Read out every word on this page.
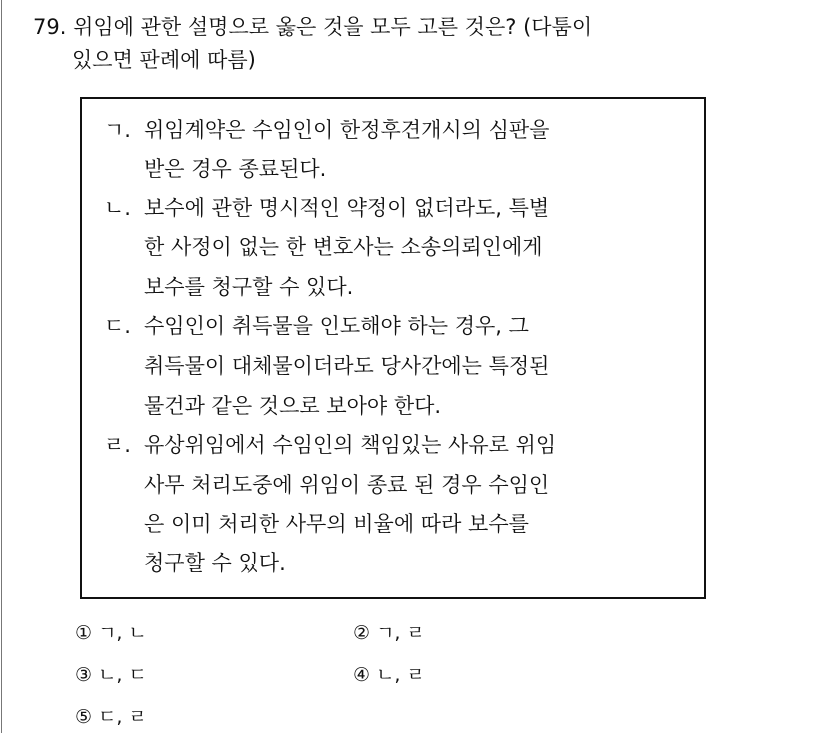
79. 위임에 관한 설명으로 옳은 것을 모두 고른 것은? (다툼이
있으면 판례에 따름)
ㄱ. 위임계약은 수임인이 한정후견개시의 심판을
받은 경우 종료된다.
ㄴ. 보수에 관한 명시적인 약정이 없더라도, 특별
한 사정이 없는 한 변호사는 소송의뢰인에게
보수를 청구할 수 있다.
ㄷ. 수임인이 취득물을 인도해야 하는 경우, 그
취득물이 대체물이더라도 당사간에는 특정된
물건과 같은 것으로 보아야 한다.
ㄹ. 유상위임에서 수임인의 책임있는 사유로 위임
사무 처리도중에 위임이 종료 된 경우 수임인
은 이미 처리한 사무의 비율에 따라 보수를
청구할 수 있다.
① ㄱ, ㄴ	② ㄱ, ㄹ
③ ㄴ, ㄷ	④ ㄴ, ㄹ
⑤ ㄷ, ㄹ
